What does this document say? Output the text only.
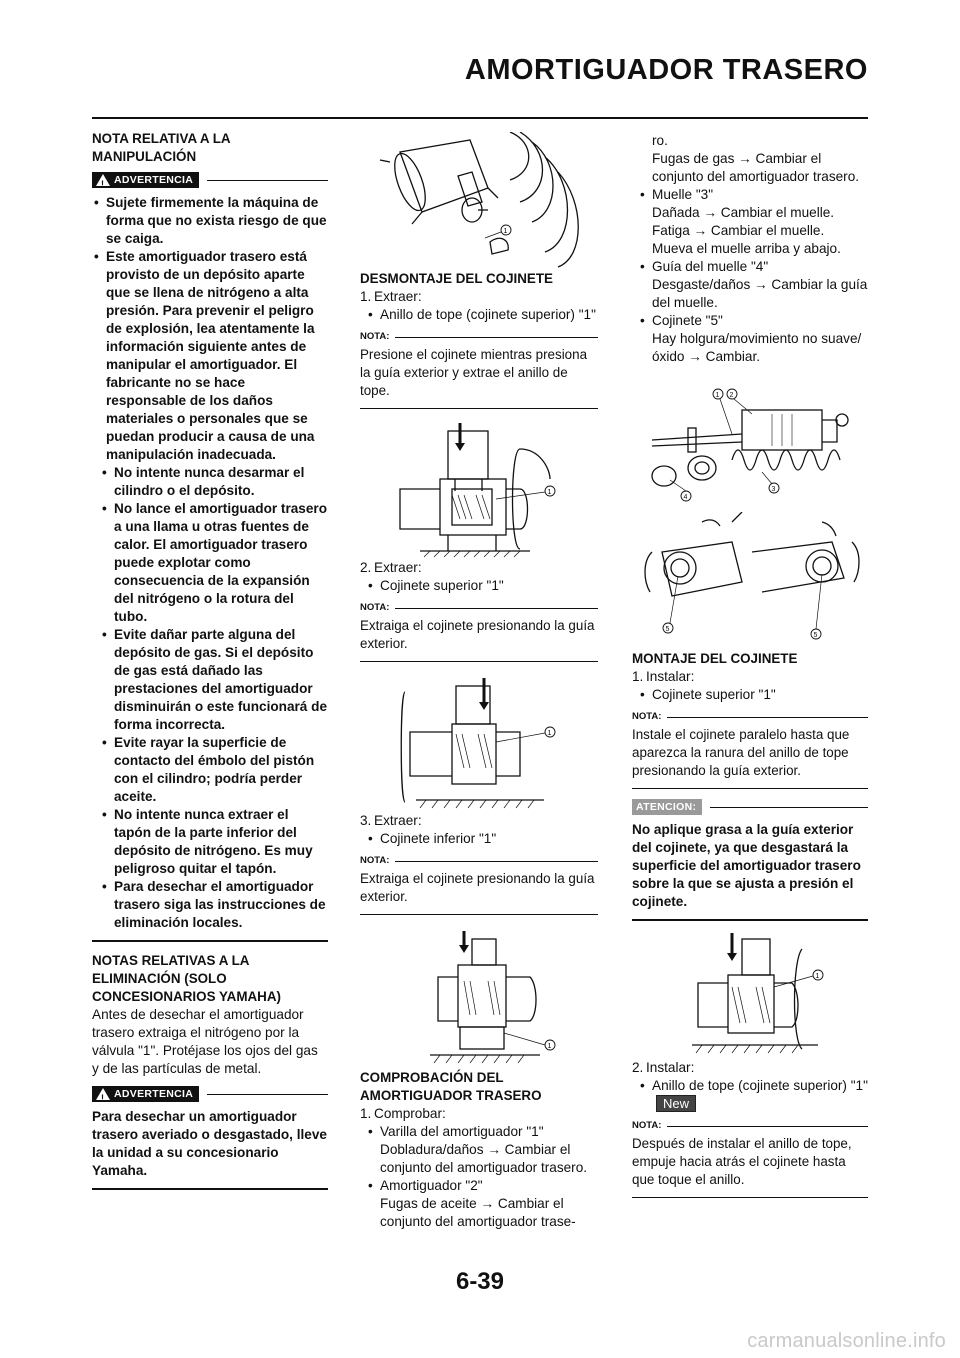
AMORTIGUADOR TRASERO
NOTA RELATIVA A LA
MANIPULACIÓN
!
ADVERTENCIA
• Sujete firmemente la máquina de forma que no exista riesgo de que se caiga.
• Este amortiguador trasero está provisto de un depósito aparte que se llena de nitrógeno a alta presión. Para prevenir el peligro de explosión, lea atentamente la información siguiente antes de manipular el amortiguador. El fabricante no se hace responsable de los daños materiales o personales que se puedan producir a causa de una manipulación inadecuada.
• No intente nunca desarmar el cilindro o el depósito.
• No lance el amortiguador trasero a una llama u otras fuentes de calor. El amortiguador trasero puede explotar como consecuencia de la expansión del nitrógeno o la rotura del tubo.
• Evite dañar parte alguna del depósito de gas. Si el depósito de gas está dañado las prestaciones del amortiguador disminuirán o este funcionará de forma incorrecta.
• Evite rayar la superficie de contacto del émbolo del pistón con el cilindro; podría perder aceite.
• No intente nunca extraer el tapón de la parte inferior del depósito de nitrógeno. Es muy peligroso quitar el tapón.
• Para desechar el amortiguador trasero siga las instrucciones de eliminación locales.
NOTAS RELATIVAS A LA ELIMINACIÓN (SOLO CONCESIONARIOS YAMAHA)
Antes de desechar el amortiguador trasero extraiga el nitrógeno por la válvula "1". Protéjase los ojos del gas y de las partículas de metal.
!
ADVERTENCIA
Para desechar un amortiguador trasero averiado o desgastado, lleve la unidad a su concesionario Yamaha.
1
DESMONTAJE DEL COJINETE
1. Extraer:
• Anillo de tope (cojinete superior) "1"
NOTA:
Presione el cojinete mientras presiona la guía exterior y extrae el anillo de tope.
1
2. Extraer:
• Cojinete superior "1"
NOTA:
Extraiga el cojinete presionando la guía exterior.
1
3. Extraer:
• Cojinete inferior "1"
NOTA:
Extraiga el cojinete presionando la guía exterior.
1
COMPROBACIÓN DEL AMORTIGUADOR TRASERO
1. Comprobar:
• Varilla del amortiguador "1"
Dobladura/daños → Cambiar el conjunto del amortiguador trasero.
• Amortiguador "2"
Fugas de aceite → Cambiar el conjunto del amortiguador trase-
ro.
Fugas de gas → Cambiar el conjunto del amortiguador trasero.
• Muelle "3"
Dañada → Cambiar el muelle. Fatiga → Cambiar el muelle. Mueva el muelle arriba y abajo.
• Guía del muelle "4"
Desgaste/daños → Cambiar la guía del muelle.
• Cojinete "5"
Hay holgura/movimiento no suave/óxido → Cambiar.
1 2
3
4
5
5
MONTAJE DEL COJINETE
1. Instalar:
• Cojinete superior "1"
NOTA:
Instale el cojinete paralelo hasta que aparezca la ranura del anillo de tope presionando la guía exterior.
ATENCION:
No aplique grasa a la guía exterior del cojinete, ya que desgastará la superficie del amortiguador trasero sobre la que se ajusta a presión el cojinete.
1
2. Instalar:
• Anillo de tope (cojinete superior) "1" New
NOTA:
Después de instalar el anillo de tope, empuje hacia atrás el cojinete hasta que toque el anillo.
6-39
carmanualsonline.info
